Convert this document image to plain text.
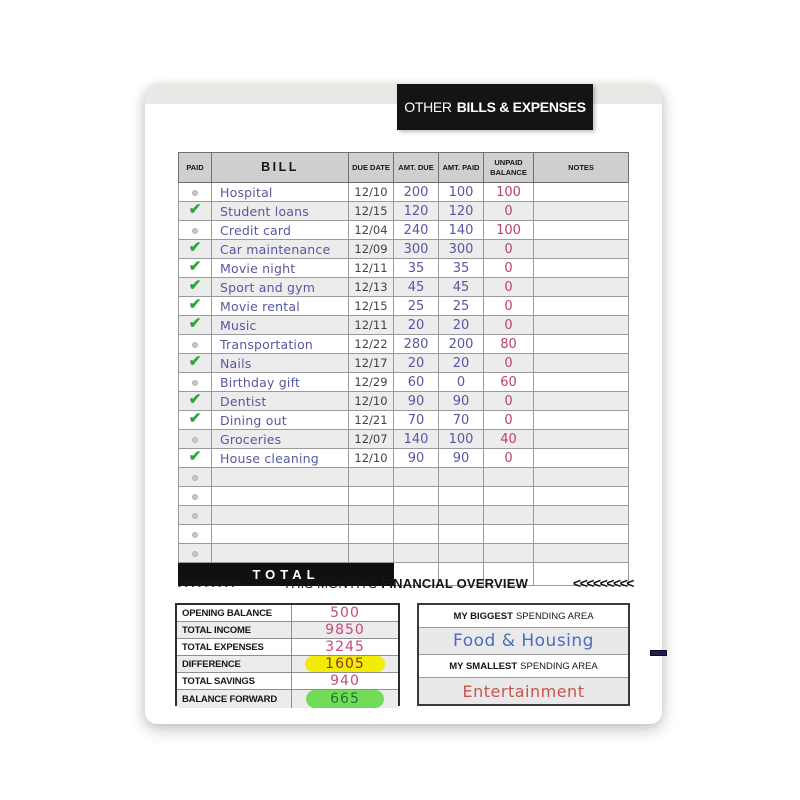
OTHER BILLS & EXPENSES
PAID	BILL	DUE DATE	AMT. DUE	AMT. PAID	UNPAID BALANCE	NOTES
	Hospital	12/10	200	100	100	
✔	Student loans	12/15	120	120	0	
	Credit card	12/04	240	140	100	
✔	Car maintenance	12/09	300	300	0	
✔	Movie night	12/11	35	35	0	
✔	Sport and gym	12/13	45	45	0	
✔	Movie rental	12/15	25	25	0	
✔	Music	12/11	20	20	0	
	Transportation	12/22	280	200	80	
✔	Nails	12/17	20	20	0	
	Birthday gift	12/29	60	0	60	
✔	Dentist	12/10	90	90	0	
✔	Dining out	12/21	70	70	0	
	Groceries	12/07	140	100	40	
✔	House cleaning	12/10	90	90	0	

TOTAL						
>>>>>>>>>	THIS MONTH'S FINANCIAL OVERVIEW	<<<<<<<<<
OPENING BALANCE	500
TOTAL INCOME	9850
TOTAL EXPENSES	3245
DIFFERENCE	1605
TOTAL SAVINGS	940
BALANCE FORWARD	665
MY BIGGEST SPENDING AREA
Food & Housing
MY SMALLEST SPENDING AREA
Entertainment
